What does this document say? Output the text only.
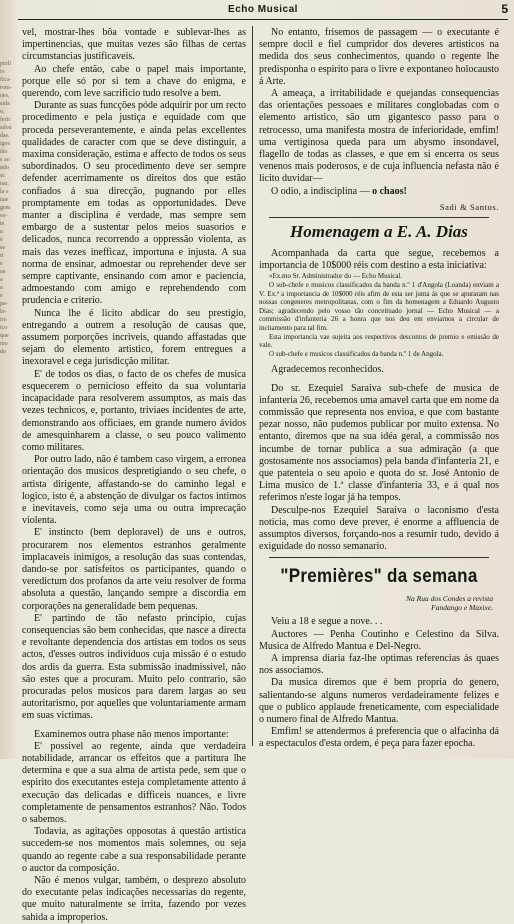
pioli
to
fica-
rom-
ues,
sida
o,
ferir
adou
das.
igos
tão
e ao
ndo
sr.
nar,
la e
nas
gem
os-
te
a
é
se
rt
e
ue
a
a
e
pa-
lo-
iro
ico
que
mo
do
Echo Musical	5

vel, mostrar-lhes bôa vontade e sublevar-lhes as impertinencias, que muitas vezes são filhas de certas circumstancias justificaveis.

Ao chefe então, cabe o papel mais importante, porque elle só por si tem a chave do enigma, e querendo, com leve sacrificio tudo resolve a bem.

Durante as suas funcções póde adquirir por um recto procedimento e pela justiça e equidade com que proceda perseverantemente, e ainda pelas excellentes qualidades de caracter com que se deve distinguir, a maxima consideração, estima e affecto de todos os seus subordinados. O seu procedimento deve ser sempre defender acerrimamente os direitos dos que estão confiados á sua direcção, pugnando por elles promptamente em todas as opportunidades. Deve manter a disciplina é verdade, mas sempre sem embargo de a sustentar pelos meios suasorios e delicados, nunca recorrendo a oppressão violenta, as mais das vezes inefficaz, importuna e injusta. A sua norma de ensinar, admoestar ou reprehender deve ser sempre captivante, ensinando com amor e paciencia, admoestando com amigo e reprehendendo com prudencia e criterio.

Nunca lhe é licito abdicar do seu prestigio, entregando a outrem a resolução de causas que, assumem porporções incriveis, quando affastadas que sejam do elemento artistico, forem entregues a inexoravel e cega jurisdicção militar.

E' de todos os dias, o facto de os chefes de musica esquecerem o pernicioso effeito da sua voluntaria incapacidade para resolverem assumptos, as mais das vezes technicos, e, portanto, triviaes incidentes de arte, demonstrando aos officiaes, em grande numero ávidos de amesquinharem a classe, o seu pouco valimento como militares.

Por outro lado, não é tambem caso virgem, a erronea orientação dos musicos despretigiando o seu chefe, o artista dirigente, affastando-se do caminho legal e logico, isto é, a abstenção de divulgar os factos intimos e inevitaveis, como seja uma ou outra imprecação violenta.

E' instincto (bem deploravel) de uns e outros, procurarem nos elementos estranhos geralmente implacaveis inimigos, a resolução das suas contendas, dando-se por satisfeitos os participantes, quando o veredictum dos profanos da arte veiu resolver de forma absoluta a questão, lançando sempre a discordia em corporações na generalidade bem pequenas.

E' partindo de tão nefasto principio, cujas consequencias são bem conhecidas, que nasce a directa e revoltante dependencia dos artistas em todos os seus actos, d'esses outros individuos cuja missão é o estudo dos ardis da guerra. Esta submissão inadmissivel, não são estes que a procuram. Muito pelo contrario, são procuradas pelos musicos para darem largas ao seu autoritarismo, por aquelles que voluntariamente armam em suas victimas.

Examinemos outra phase não menos importante:

E' possivel ao regente, ainda que verdadeira notabilidade, arrancar os effeitos que a partitura lhe determina e que a sua alma de artista pede, sem que o espirito dos executantes esteja completamente attento á execução das delicadas e difficeis nuances, e livre completamente de pensamentos estranhos? Não. Todos o sabemos.

Todavia, as agitações opposotas á questão artistica succedem-se nos momentos mais solemnes, ou seja quando ao regente cabe a sua responsabilidade perante o auctor da composição.

Não é menos vulgar, também, o desprezo absoluto do executante pelas indicações necessarias do regente, que muito naturalmente se irrita, fazendo por vezes sahida a improperios.

No entanto, frisemos de passagem — o executante é sempre docil e fiel cumpridor dos deveres artisticos na medida dos seus conhecimentos, quando o regente lhe predisponha o espirito para o livre e expontaneo holocausto á Arte.

A ameaça, a irritabilidade e quejandas consequencias das orientações pessoaes e militares conglobadas com o elemento artistico, são um gigantesco passo para o retrocesso, uma manifesta mostra de inferioridade, emfim! uma vertiginosa queda para um abysmo insondavel, flagello de todas as classes, e que em si encerra os seus venenos mais poderosos, e de cuja influencia nefasta não é licito duvidar—

O odio, a indisciplina — o chaos!

Sadi & Santos.

Homenagem a E. A. Dias

Acompanhada da carta que segue, recebemos a importancia de 10$000 réis com destino a esta iniciativa:

«Ex.mo Sr. Administrador do — Echo Musical.

O sub-chefe e musicos classificados da banda n.º 1 d'Angola (Loanda) enviam a V. Ex.ª a importancia de 10$000 réis afim de esta ser junta ás que se apuraram nas nossas congeneres metropolitanas, com o fim da homenagem a Eduardo Augusto Dias; agradecendo pelo vosso tão conceituado jornal — Echo Musical — a commissão d'infanteria 26 a honra que nos deu em enviarnos a circular de incitamento para tal fim.

Esta importancia vae sujeita aos respectivos descontos de premio e emissão de vale.

O sub-chefe e musicos classificados da banda n.º 1 de Angola.

Agradecemos reconhecidos.

Do sr. Ezequiel Saraiva sub-chefe de musica de infanteria 26, recebemos uma amavel carta que em nome da commissão que representa nos envioa, e que com bastante pezar nosso, não pudemos publicar por muito extensa. No entanto, diremos que na sua idéa geral, a commissão nos incumbe de tornar publica a sua admiração (a que gostosamente nos associamos) pela banda d'infanteria 21, e que patenteia o seu apoio e quota do sr. José Antonio de Lima musico de 1.ª classe d'infanteria 33, e á qual nos referimos n'este logar já ha tempos.

Desculpe-nos Ezequiel Saraiva o laconismo d'esta noticia, mas como deve prever, é enorme a affluencia de assumptos diversos, forçando-nos a resumir tudo, devido á exiguidade do nosso semanario.

"Premières" da semana

Na Rua dos Condes a revista
Fandango e Maxixe.

Veiu a 18 e segue a nove. . .

Auctores — Penha Coutinho e Celestino da Silva. Musica de Alfredo Mantua e Del-Negro.

A imprensa diaria faz-lhe optimas referencias ás quaes nos associamos.

Da musica diremos que é bem propria do genero, salientando-se alguns numeros verdadeiramente felizes e que o publico applaude freneticamente, com especialidade o numero final de Alfredo Mantua.

Emfim! se attendermos á preferencia que o alfacinha dá a espectaculos d'esta ordem, é peça para fazer epocha.
